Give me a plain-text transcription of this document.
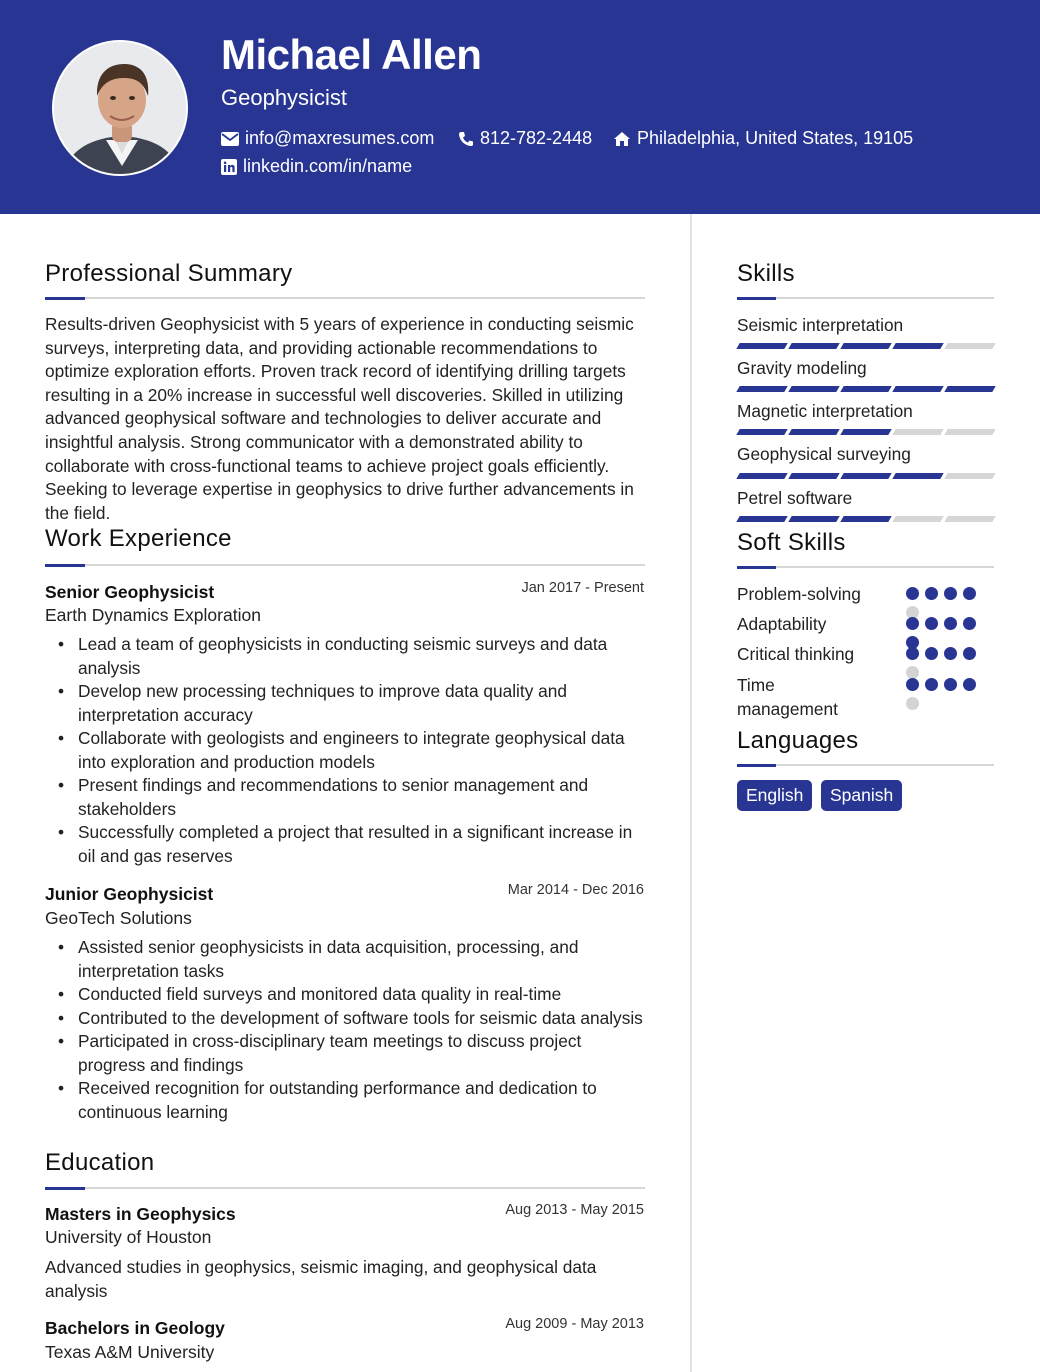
Michael Allen
Geophysicist
info@maxresumes.com	812-782-2448 Philadelphia, United States, 19105
linkedin.com/in/name
Professional Summary
Results-driven Geophysicist with 5 years of experience in conducting seismic surveys, interpreting data, and providing actionable recommendations to optimize exploration efforts. Proven track record of identifying drilling targets resulting in a 20% increase in successful well discoveries. Skilled in utilizing advanced geophysical software and technologies to deliver accurate and insightful analysis. Strong communicator with a demonstrated ability to collaborate with cross-functional teams to achieve project goals efficiently. Seeking to leverage expertise in geophysics to drive further advancements in the field.
Work Experience
Senior Geophysicist	Jan 2017 - Present
Earth Dynamics Exploration
• Lead a team of geophysicists in conducting seismic surveys and data analysis
• Develop new processing techniques to improve data quality and interpretation accuracy
• Collaborate with geologists and engineers to integrate geophysical data into exploration and production models
• Present findings and recommendations to senior management and stakeholders
• Successfully completed a project that resulted in a significant increase in oil and gas reserves
Junior Geophysicist	Mar 2014 - Dec 2016
GeoTech Solutions
• Assisted senior geophysicists in data acquisition, processing, and interpretation tasks
• Conducted field surveys and monitored data quality in real-time
• Contributed to the development of software tools for seismic data analysis
• Participated in cross-disciplinary team meetings to discuss project progress and findings
• Received recognition for outstanding performance and dedication to continuous learning
Education
Masters in Geophysics	Aug 2013 - May 2015
University of Houston
Advanced studies in geophysics, seismic imaging, and geophysical data analysis
Bachelors in Geology	Aug 2009 - May 2013
Texas A&M University
Skills
Seismic interpretation
Gravity modeling
Magnetic interpretation
Geophysical surveying
Petrel software
Soft Skills
Problem-solving
Adaptability
Critical thinking
Time management
Languages
English	Spanish
